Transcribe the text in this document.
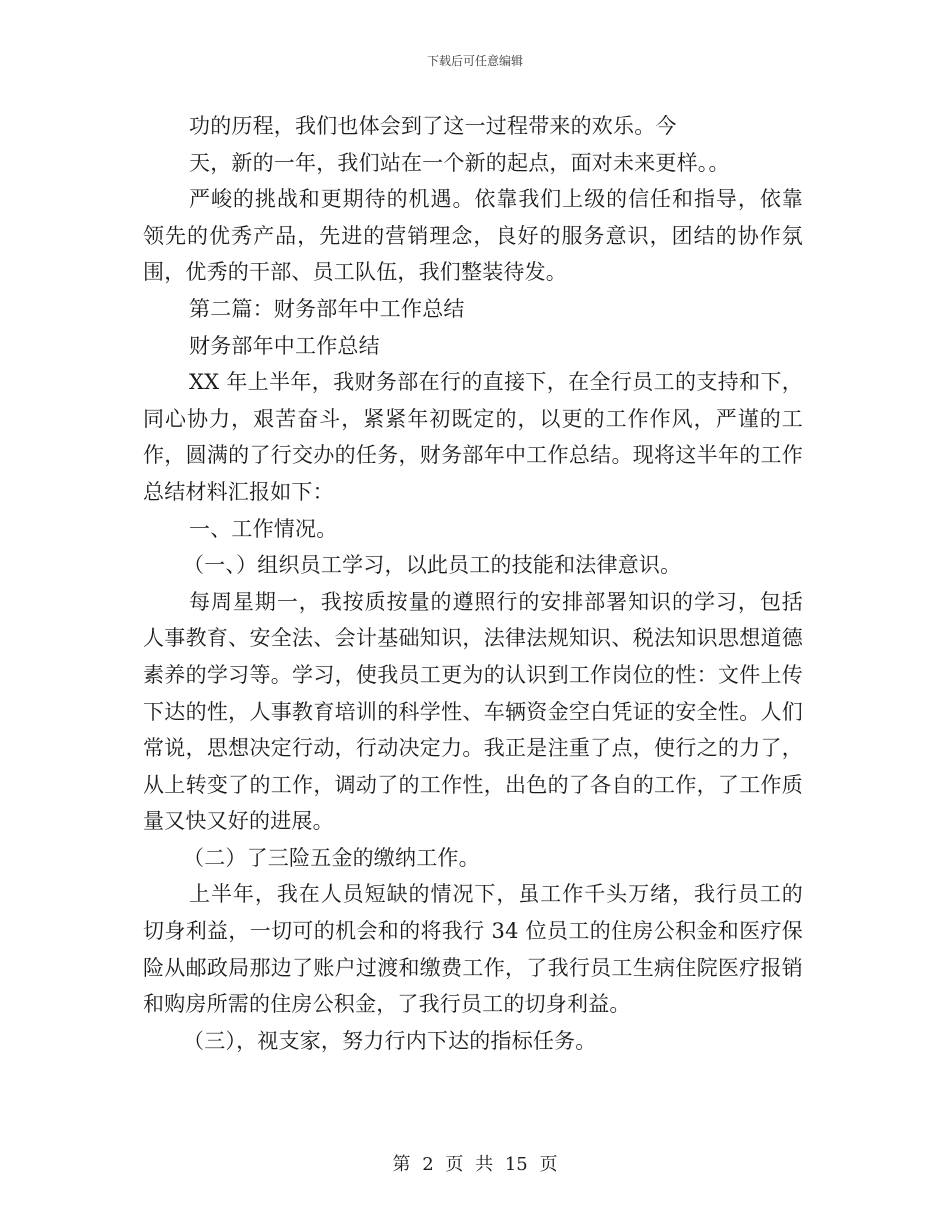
下载后可任意编辑

功的历程，我们也体会到了这一过程带来的欢乐。今

天，新的一年，我们站在一个新的起点，面对未来更样。。

严峻的挑战和更期待的机遇。依靠我们上级的信任和指导，依靠领先的优秀产品，先进的营销理念，良好的服务意识，团结的协作氛围，优秀的干部、员工队伍，我们整装待发。

第二篇：财务部年中工作总结

财务部年中工作总结

XX 年上半年，我财务部在行的直接下，在全行员工的支持和下，同心协力，艰苦奋斗，紧紧年初既定的，以更的工作作风，严谨的工作，圆满的了行交办的任务，财务部年中工作总结。现将这半年的工作总结材料汇报如下：

一、工作情况。

（一、）组织员工学习，以此员工的技能和法律意识。

每周星期一，我按质按量的遵照行的安排部署知识的学习，包括人事教育、安全法、会计基础知识，法律法规知识、税法知识思想道德素养的学习等。学习，使我员工更为的认识到工作岗位的性：文件上传下达的性，人事教育培训的科学性、车辆资金空白凭证的安全性。人们常说，思想决定行动，行动决定力。我正是注重了点，使行之的力了，从上转变了的工作，调动了的工作性，出色的了各自的工作，了工作质量又快又好的进展。

（二）了三险五金的缴纳工作。

上半年，我在人员短缺的情况下，虽工作千头万绪，我行员工的切身利益，一切可的机会和的将我行 34 位员工的住房公积金和医疗保险从邮政局那边了账户过渡和缴费工作，了我行员工生病住院医疗报销和购房所需的住房公积金，了我行员工的切身利益。

（三），视支家，努力行内下达的指标任务。

第 2 页 共 15 页
